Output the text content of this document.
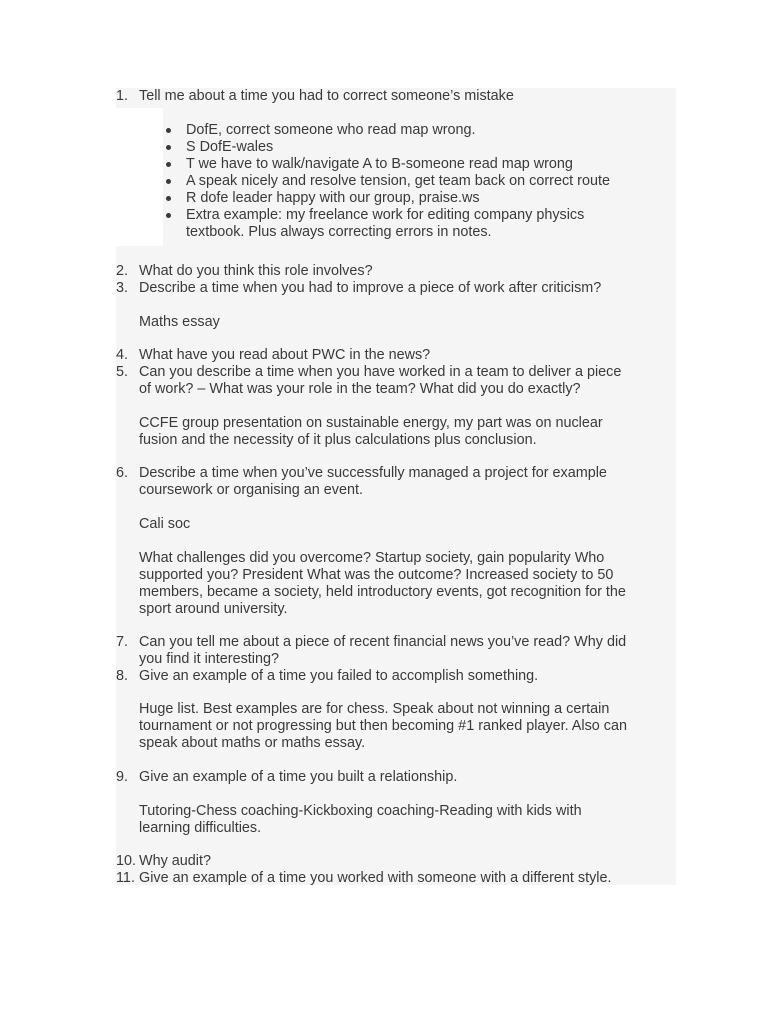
1. Tell me about a time you had to correct someone’s mistake
DofE, correct someone who read map wrong.
S DofE-wales
T we have to walk/navigate A to B-someone read map wrong
A speak nicely and resolve tension, get team back on correct route
R dofe leader happy with our group, praise.ws
Extra example: my freelance work for editing company physics
textbook. Plus always correcting errors in notes.
2. What do you think this role involves?
3. Describe a time when you had to improve a piece of work after criticism?
Maths essay
4. What have you read about PWC in the news?
5. Can you describe a time when you have worked in a team to deliver a piece
of work? – What was your role in the team? What did you do exactly?
CCFE group presentation on sustainable energy, my part was on nuclear
fusion and the necessity of it plus calculations plus conclusion.
6. Describe a time when you’ve successfully managed a project for example
coursework or organising an event.
Cali soc
What challenges did you overcome? Startup society, gain popularity Who
supported you? President What was the outcome? Increased society to 50
members, became a society, held introductory events, got recognition for the
sport around university.
7. Can you tell me about a piece of recent financial news you’ve read? Why did
you find it interesting?
8. Give an example of a time you failed to accomplish something.
Huge list. Best examples are for chess. Speak about not winning a certain
tournament or not progressing but then becoming #1 ranked player. Also can
speak about maths or maths essay.
9. Give an example of a time you built a relationship.
Tutoring-Chess coaching-Kickboxing coaching-Reading with kids with
learning difficulties.
10. Why audit?
11. Give an example of a time you worked with someone with a different style.
